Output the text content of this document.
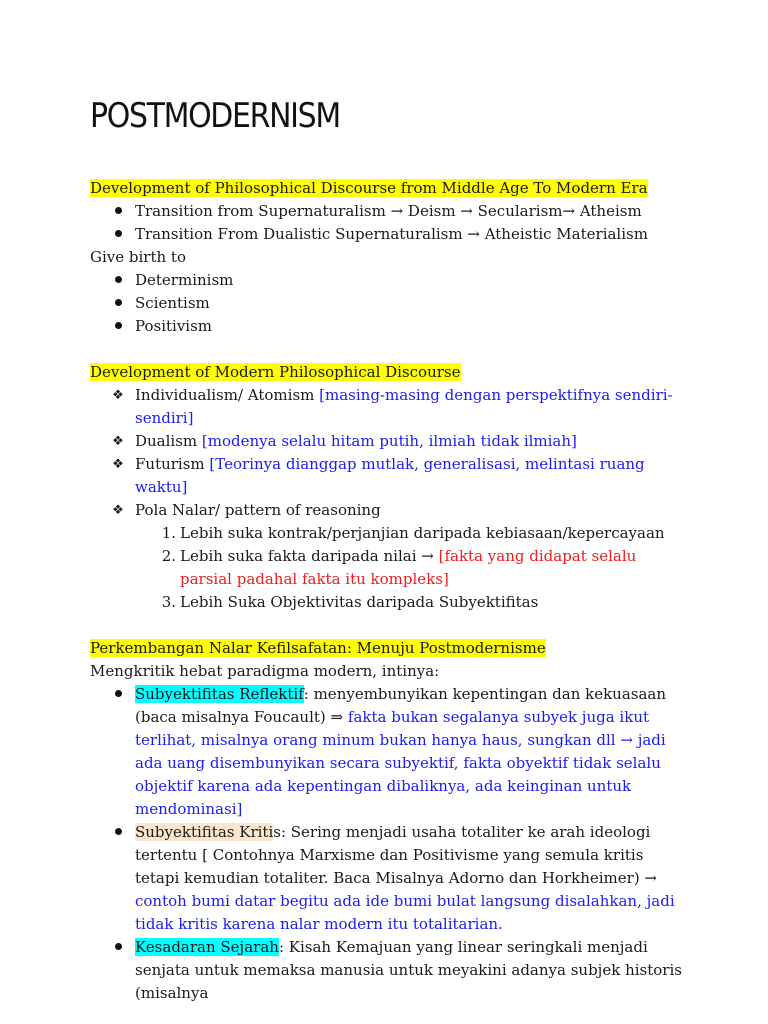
POSTMODERNISM

Development of Philosophical Discourse from Middle Age To Modern Era

Transition from Supernaturalism → Deism → Secularism→ Atheism
Transition From Dualistic Supernaturalism → Atheistic Materialism

Give birth to

Determinism
Scientism
Positivism

Development of Modern Philosophical Discourse

❖ Individualism/ Atomism [masing-masing dengan perspektifnya sendiri-sendiri]
❖ Dualism [modenya selalu hitam putih, ilmiah tidak ilmiah]
❖ Futurism [Teorinya dianggap mutlak, generalisasi, melintasi ruang waktu]
❖ Pola Nalar/ pattern of reasoning
1. Lebih suka kontrak/perjanjian daripada kebiasaan/kepercayaan
2. Lebih suka fakta daripada nilai → [fakta yang didapat selalu parsial padahal fakta itu kompleks]
3. Lebih Suka Objektivitas daripada Subyektifitas

Perkembangan Nalar Kefilsafatan: Menuju Postmodernisme

Mengkritik hebat paradigma modern, intinya:

Subyektifitas Reflektif: menyembunyikan kepentingan dan kekuasaan (baca misalnya Foucault) ⇒ fakta bukan segalanya subyek juga ikut terlihat, misalnya orang minum bukan hanya haus, sungkan dll → jadi ada uang disembunyikan secara subyektif, fakta obyektif tidak selalu objektif karena ada kepentingan dibaliknya, ada keinginan untuk mendominasi]
Subyektifitas Kritis: Sering menjadi usaha totaliter ke arah ideologi tertentu [ Contohnya Marxisme dan Positivisme yang semula kritis tetapi kemudian totaliter. Baca Misalnya Adorno dan Horkheimer) → contoh bumi datar begitu ada ide bumi bulat langsung disalahkan, jadi tidak kritis karena nalar modern itu totalitarian.
Kesadaran Sejarah: Kisah Kemajuan yang linear seringkali menjadi senjata untuk memaksa manusia untuk meyakini adanya subjek historis (misalnya
